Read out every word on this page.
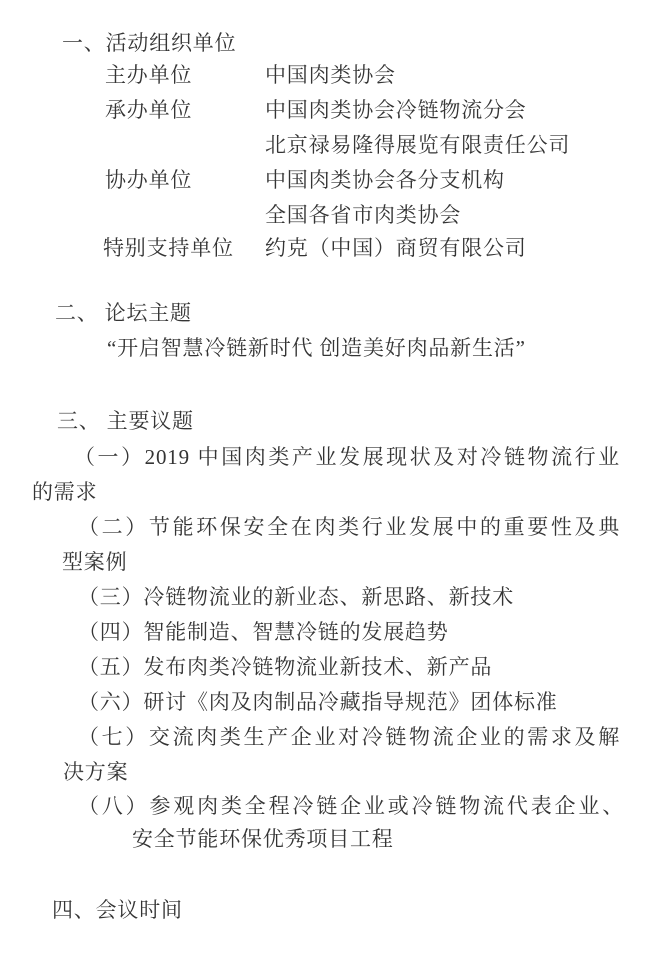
一、活动组织单位
主办单位	中国肉类协会
承办单位	中国肉类协会冷链物流分会
北京禄易隆得展览有限责任公司
协办单位	中国肉类协会各分支机构
全国各省市肉类协会
特别支持单位 约克（中国）商贸有限公司
二、 论坛主题
“开启智慧冷链新时代 创造美好肉品新生活”
三、 主要议题
（一）2019 中国肉类产业发展现状及对冷链物流行业
的需求
（二）节能环保安全在肉类行业发展中的重要性及典
型案例
（三）冷链物流业的新业态、新思路、新技术
（四）智能制造、智慧冷链的发展趋势
（五）发布肉类冷链物流业新技术、新产品
（六）研讨《肉及肉制品冷藏指导规范》团体标准
（七）交流肉类生产企业对冷链物流企业的需求及解
决方案
（八）参观肉类全程冷链企业或冷链物流代表企业、
安全节能环保优秀项目工程
四、会议时间
